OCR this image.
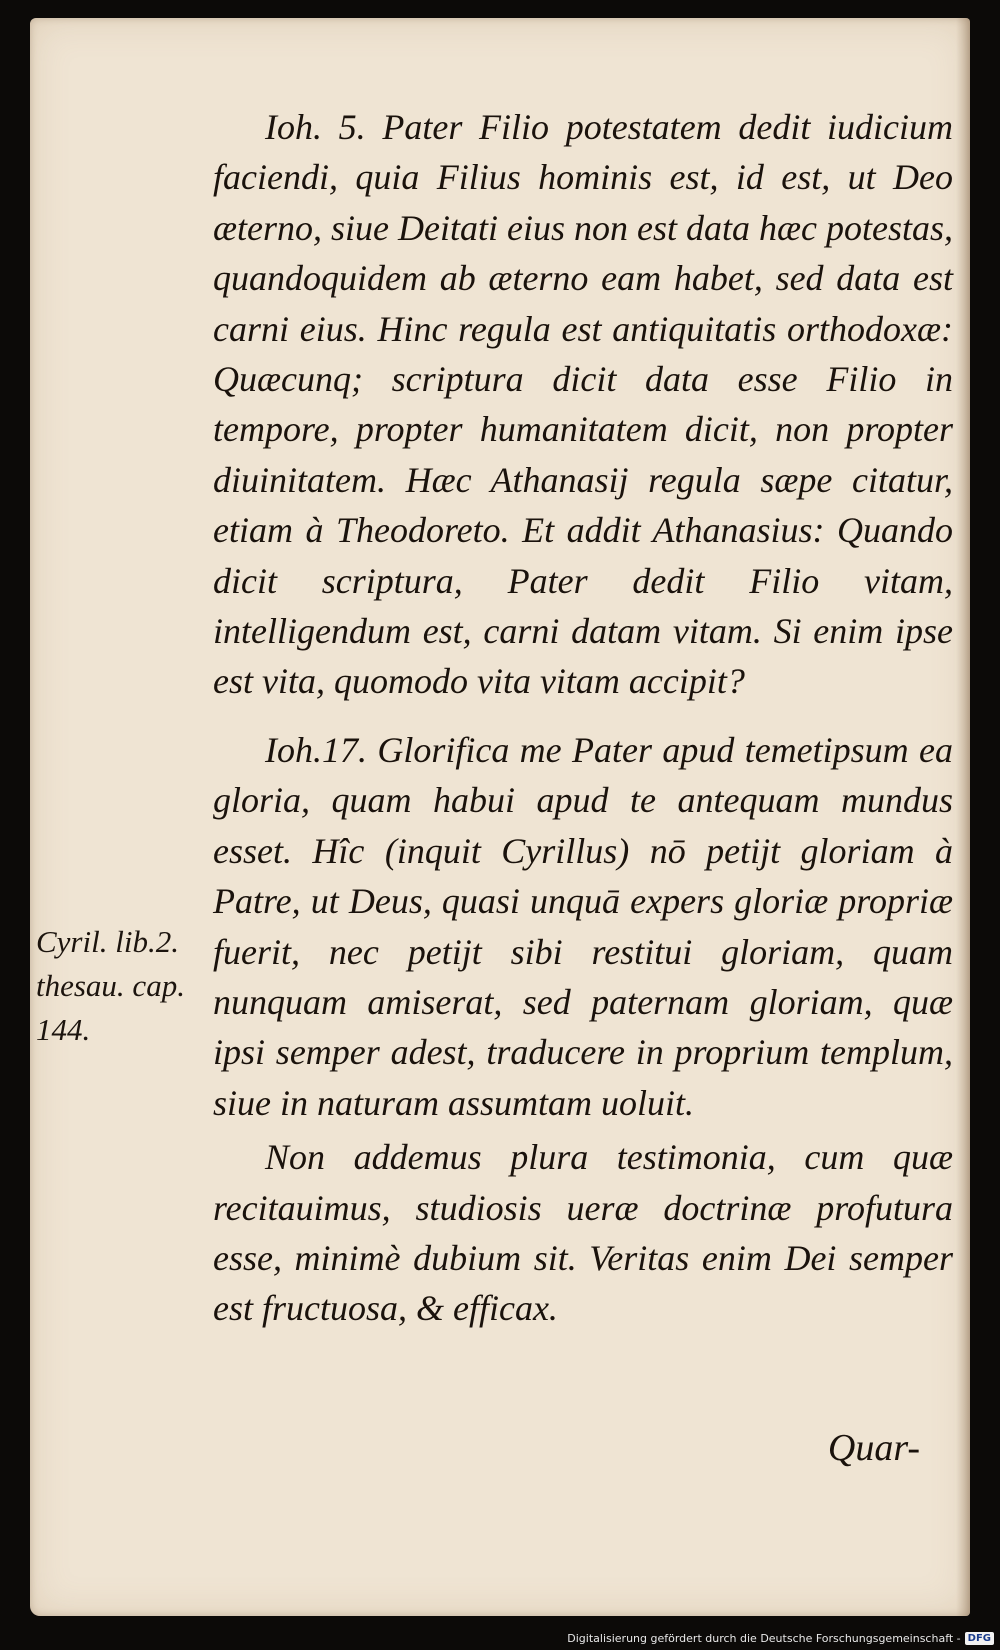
Cyril. lib.2. thesau. cap. 144.

Ioh. 5. Pater Filio potestatem dedit iudicium faciendi, quia Filius hominis est, id est, ut Deo æterno, siue Deitati eius non est data hæc potestas, quandoquidem ab æterno eam habet, sed data est carni eius. Hinc regula est antiquitatis orthodoxæ: Quæcunq; scriptura dicit data esse Filio in tempore, propter humanitatem dicit, non propter diuinitatem. Hæc Athanasij regula sæpe citatur, etiam à Theodoreto. Et addit Athanasius: Quando dicit scriptura, Pater dedit Filio vitam, intelligendum est, carni datam vitam. Si enim ipse est vita, quomodo vita vitam accipit?

Ioh.17. Glorifica me Pater apud temetipsum ea gloria, quam habui apud te antequam mundus esset. Hîc (inquit Cyrillus) nō petijt gloriam à Patre, ut Deus, quasi unquā expers gloriæ propriæ fuerit, nec petijt sibi restitui gloriam, quam nunquam amiserat, sed paternam gloriam, quæ ipsi semper adest, traducere in proprium templum, siue in naturam assumtam uoluit.

Non addemus plura testimonia, cum quæ recitauimus, studiosis ueræ doctrinæ profutura esse, minimè dubium sit. Veritas enim Dei semper est fructuosa, & efficax.

Quar-
Digitalisierung gefördert durch die Deutsche Forschungsgemeinschaft - DFG
